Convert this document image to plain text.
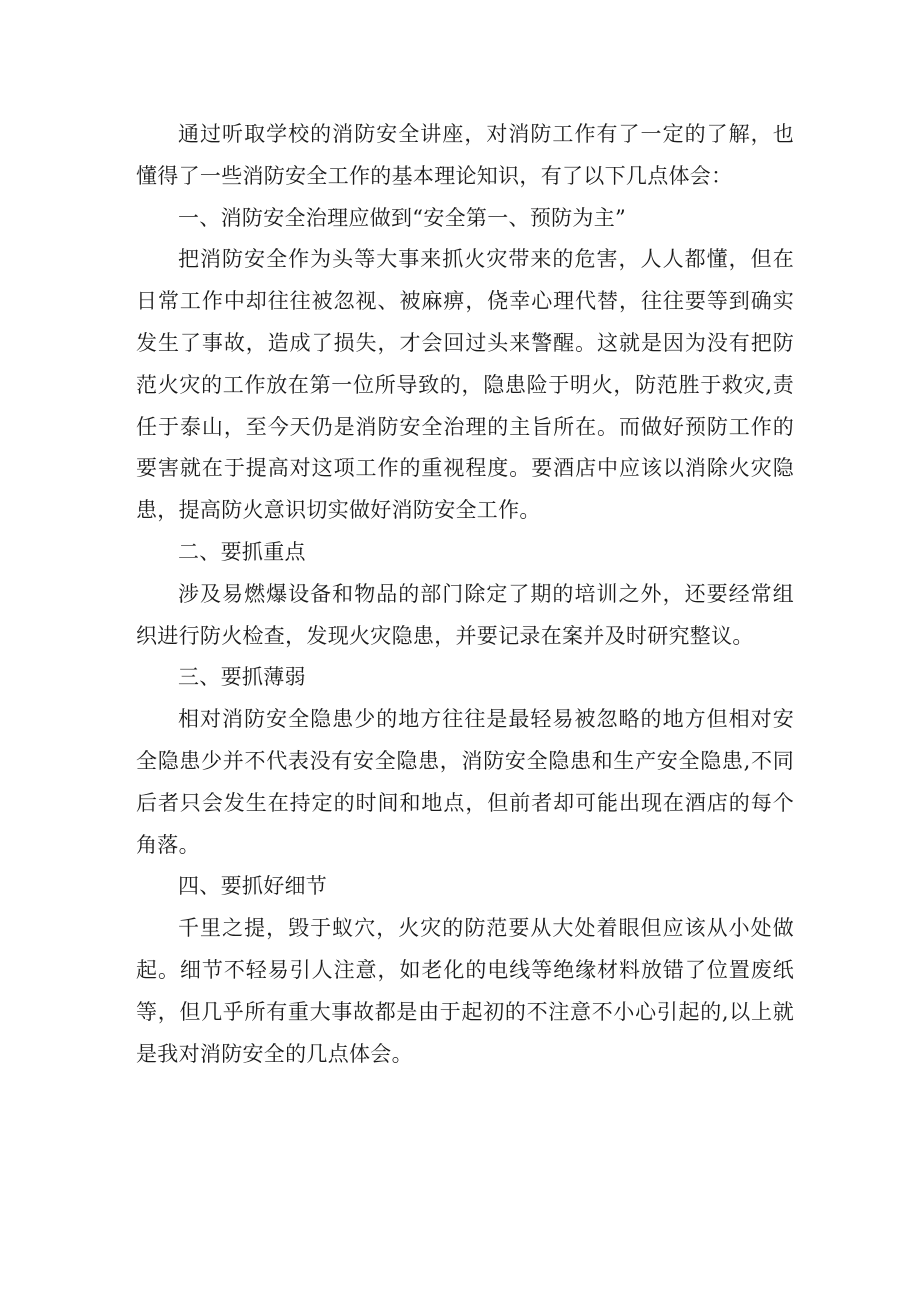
通过听取学校的消防安全讲座，对消防工作有了一定的了解，也懂得了一些消防安全工作的基本理论知识，有了以下几点体会：

一、消防安全治理应做到“安全第一、预防为主”

把消防安全作为头等大事来抓火灾带来的危害，人人都懂，但在日常工作中却往往被忽视、被麻痹，侥幸心理代替，往往要等到确实发生了事故，造成了损失，才会回过头来警醒。这就是因为没有把防范火灾的工作放在第一位所导致的，隐患险于明火，防范胜于救灾,责任于泰山，至今天仍是消防安全治理的主旨所在。而做好预防工作的要害就在于提高对这项工作的重视程度。要酒店中应该以消除火灾隐患，提高防火意识切实做好消防安全工作。

二、要抓重点

涉及易燃爆设备和物品的部门除定了期的培训之外，还要经常组织进行防火检查，发现火灾隐患，并要记录在案并及时研究整议。

三、要抓薄弱

相对消防安全隐患少的地方往往是最轻易被忽略的地方但相对安全隐患少并不代表没有安全隐患，消防安全隐患和生产安全隐患,不同后者只会发生在持定的时间和地点，但前者却可能出现在酒店的每个角落。

四、要抓好细节

千里之提，毁于蚁穴，火灾的防范要从大处着眼但应该从小处做起。细节不轻易引人注意，如老化的电线等绝缘材料放错了位置废纸等，但几乎所有重大事故都是由于起初的不注意不小心引起的,以上就是我对消防安全的几点体会。
